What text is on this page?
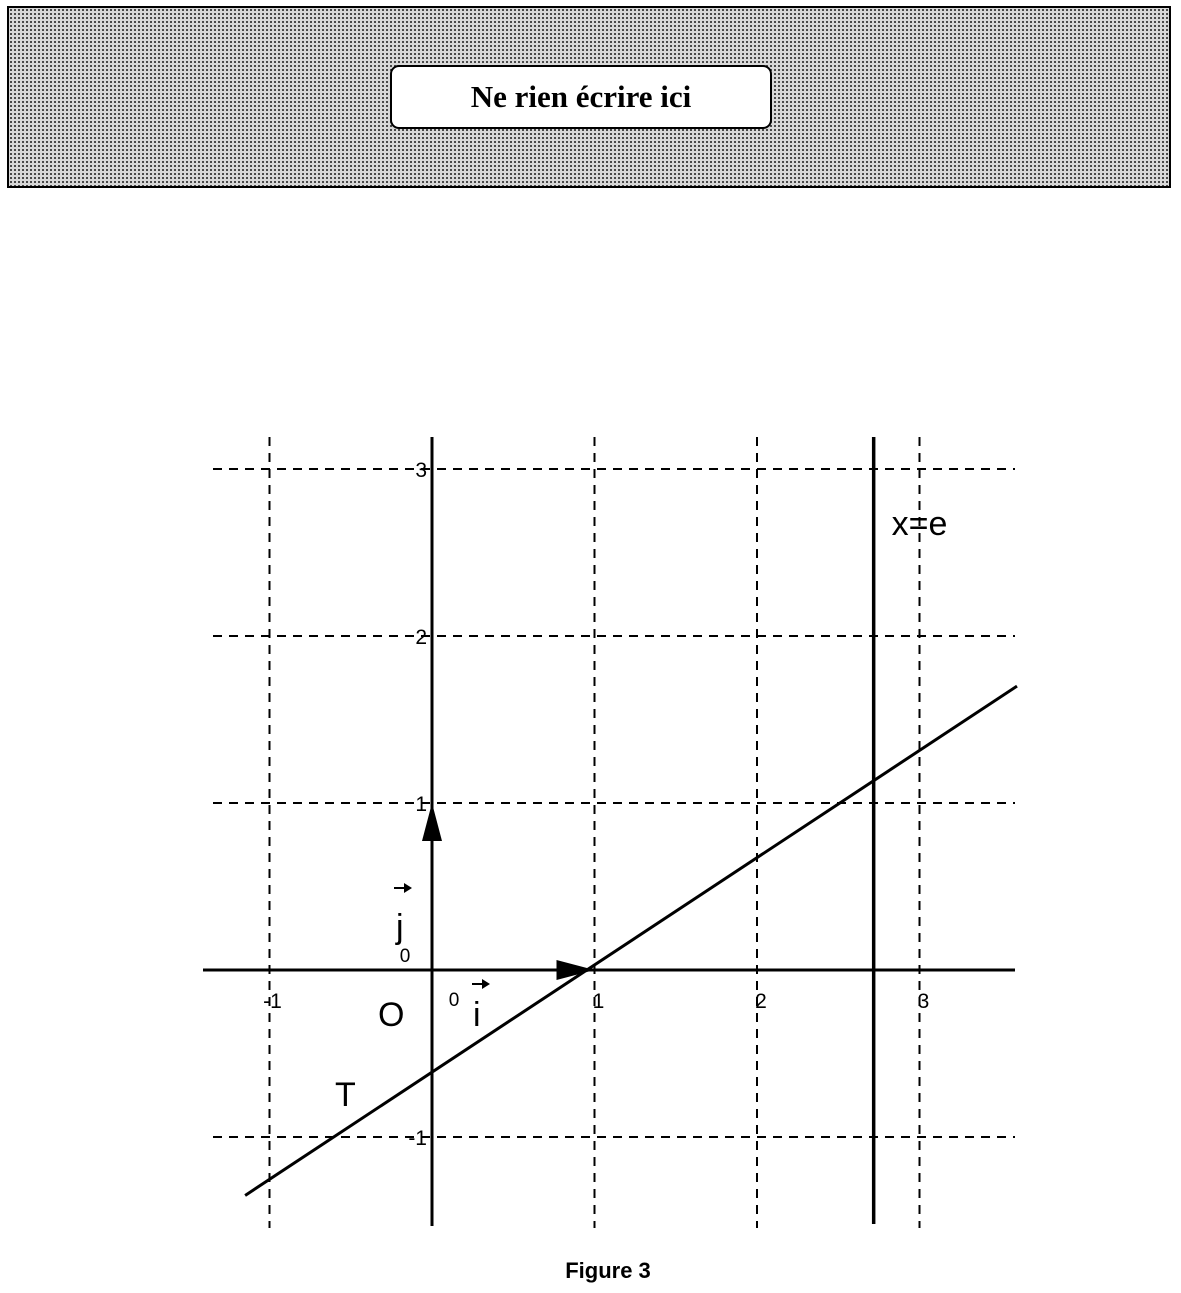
Ne rien écrire ici
-1	0	1	2	3
-1
0
1
2
3
x=e
j
i
O
T
Figure 3
